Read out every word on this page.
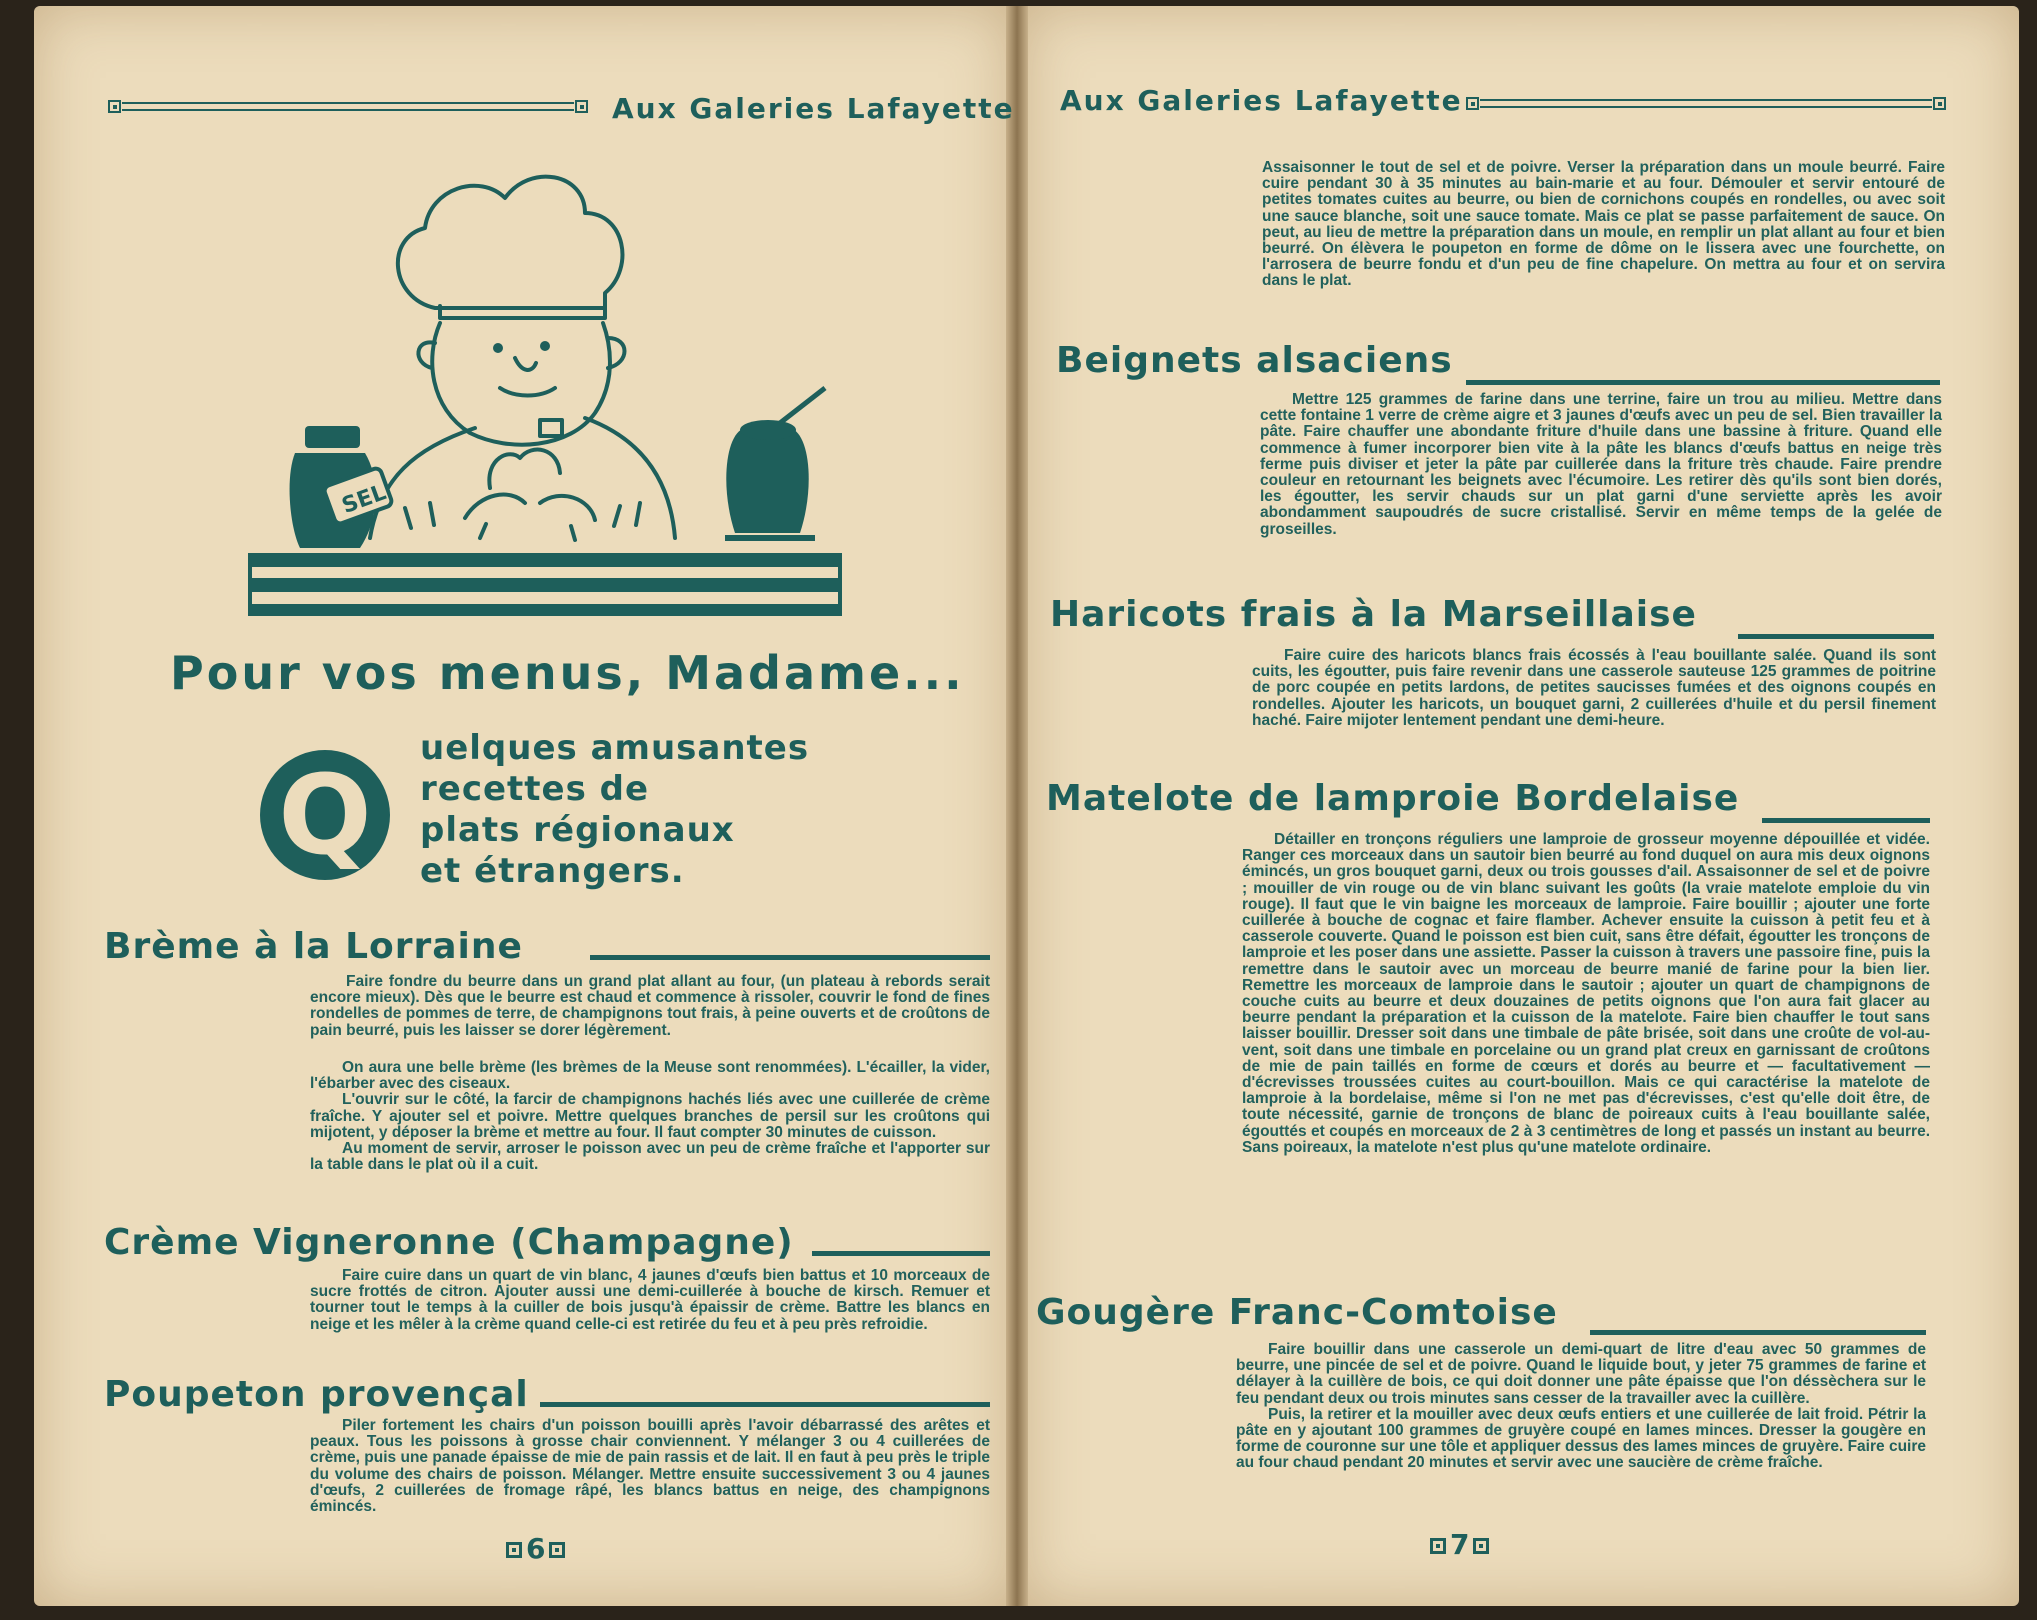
Aux Galeries Lafayette
SEL
Pour vos menus, Madame...
Q
uelques amusantes
recettes de
plats régionaux
et étrangers.
Brème à la Lorraine

Faire fondre du beurre dans un grand plat allant au four, (un plateau à rebords serait encore mieux). Dès que le beurre est chaud et commence à rissoler, couvrir le fond de fines rondelles de pommes de terre, de champignons tout frais, à peine ouverts et de croûtons de pain beurré, puis les laisser se dorer légèrement.

On aura une belle brème (les brèmes de la Meuse sont renommées). L'écailler, la vider, l'ébarber avec des ciseaux.

L'ouvrir sur le côté, la farcir de champignons hachés liés avec une cuillerée de crème fraîche. Y ajouter sel et poivre. Mettre quelques branches de persil sur les croûtons qui mijotent, y déposer la brème et mettre au four. Il faut compter 30 minutes de cuisson.

Au moment de servir, arroser le poisson avec un peu de crème fraîche et l'apporter sur la table dans le plat où il a cuit.

Crème Vigneronne (Champagne)

Faire cuire dans un quart de vin blanc, 4 jaunes d'œufs bien battus et 10 morceaux de sucre frottés de citron. Ajouter aussi une demi-cuillerée à bouche de kirsch. Remuer et tourner tout le temps à la cuiller de bois jusqu'à épaissir de crème. Battre les blancs en neige et les mêler à la crème quand celle-ci est retirée du feu et à peu près refroidie.

Poupeton provençal

Piler fortement les chairs d'un poisson bouilli après l'avoir débarrassé des arêtes et peaux. Tous les poissons à grosse chair conviennent. Y mélanger 3 ou 4 cuillerées de crème, puis une panade épaisse de mie de pain rassis et de lait. Il en faut à peu près le triple du volume des chairs de poisson. Mélanger. Mettre ensuite successivement 3 ou 4 jaunes d'œufs, 2 cuillerées de fromage râpé, les blancs battus en neige, des champignons émincés.

6
Aux Galeries Lafayette

Assaisonner le tout de sel et de poivre. Verser la préparation dans un moule beurré. Faire cuire pendant 30 à 35 minutes au bain-marie et au four. Démouler et servir entouré de petites tomates cuites au beurre, ou bien de cornichons coupés en rondelles, ou avec soit une sauce blanche, soit une sauce tomate. Mais ce plat se passe parfaitement de sauce. On peut, au lieu de mettre la préparation dans un moule, en remplir un plat allant au four et bien beurré. On élèvera le poupeton en forme de dôme on le lissera avec une fourchette, on l'arrosera de beurre fondu et d'un peu de fine chapelure. On mettra au four et on servira dans le plat.

Beignets alsaciens

Mettre 125 grammes de farine dans une terrine, faire un trou au milieu. Mettre dans cette fontaine 1 verre de crème aigre et 3 jaunes d'œufs avec un peu de sel. Bien travailler la pâte. Faire chauffer une abondante friture d'huile dans une bassine à friture. Quand elle commence à fumer incorporer bien vite à la pâte les blancs d'œufs battus en neige très ferme puis diviser et jeter la pâte par cuillerée dans la friture très chaude. Faire prendre couleur en retournant les beignets avec l'écumoire. Les retirer dès qu'ils sont bien dorés, les égoutter, les servir chauds sur un plat garni d'une serviette après les avoir abondamment saupoudrés de sucre cristallisé. Servir en même temps de la gelée de groseilles.

Haricots frais à la Marseillaise

Faire cuire des haricots blancs frais écossés à l'eau bouillante salée. Quand ils sont cuits, les égoutter, puis faire revenir dans une casserole sauteuse 125 grammes de poitrine de porc coupée en petits lardons, de petites saucisses fumées et des oignons coupés en rondelles. Ajouter les haricots, un bouquet garni, 2 cuillerées d'huile et du persil finement haché. Faire mijoter lentement pendant une demi-heure.

Matelote de lamproie Bordelaise

Détailler en tronçons réguliers une lamproie de grosseur moyenne dépouillée et vidée. Ranger ces morceaux dans un sautoir bien beurré au fond duquel on aura mis deux oignons émincés, un gros bouquet garni, deux ou trois gousses d'ail. Assaisonner de sel et de poivre ; mouiller de vin rouge ou de vin blanc suivant les goûts (la vraie matelote emploie du vin rouge). Il faut que le vin baigne les morceaux de lamproie. Faire bouillir ; ajouter une forte cuillerée à bouche de cognac et faire flamber. Achever ensuite la cuisson à petit feu et à casserole couverte. Quand le poisson est bien cuit, sans être défait, égoutter les tronçons de lamproie et les poser dans une assiette. Passer la cuisson à travers une passoire fine, puis la remettre dans le sautoir avec un morceau de beurre manié de farine pour la bien lier. Remettre les morceaux de lamproie dans le sautoir ; ajouter un quart de champignons de couche cuits au beurre et deux douzaines de petits oignons que l'on aura fait glacer au beurre pendant la préparation et la cuisson de la matelote. Faire bien chauffer le tout sans laisser bouillir. Dresser soit dans une timbale de pâte brisée, soit dans une croûte de vol-au-vent, soit dans une timbale en porcelaine ou un grand plat creux en garnissant de croûtons de mie de pain taillés en forme de cœurs et dorés au beurre et — facultativement — d'écrevisses troussées cuites au court-bouillon. Mais ce qui caractérise la matelote de lamproie à la bordelaise, même si l'on ne met pas d'écrevisses, c'est qu'elle doit être, de toute nécessité, garnie de tronçons de blanc de poireaux cuits à l'eau bouillante salée, égouttés et coupés en morceaux de 2 à 3 centimètres de long et passés un instant au beurre. Sans poireaux, la matelote n'est plus qu'une matelote ordinaire.

Gougère Franc-Comtoise

Faire bouillir dans une casserole un demi-quart de litre d'eau avec 50 grammes de beurre, une pincée de sel et de poivre. Quand le liquide bout, y jeter 75 grammes de farine et délayer à la cuillère de bois, ce qui doit donner une pâte épaisse que l'on déssèchera sur le feu pendant deux ou trois minutes sans cesser de la travailler avec la cuillère.

Puis, la retirer et la mouiller avec deux œufs entiers et une cuillerée de lait froid. Pétrir la pâte en y ajoutant 100 grammes de gruyère coupé en lames minces. Dresser la gougère en forme de couronne sur une tôle et appliquer dessus des lames minces de gruyère. Faire cuire au four chaud pendant 20 minutes et servir avec une saucière de crème fraîche.

7
